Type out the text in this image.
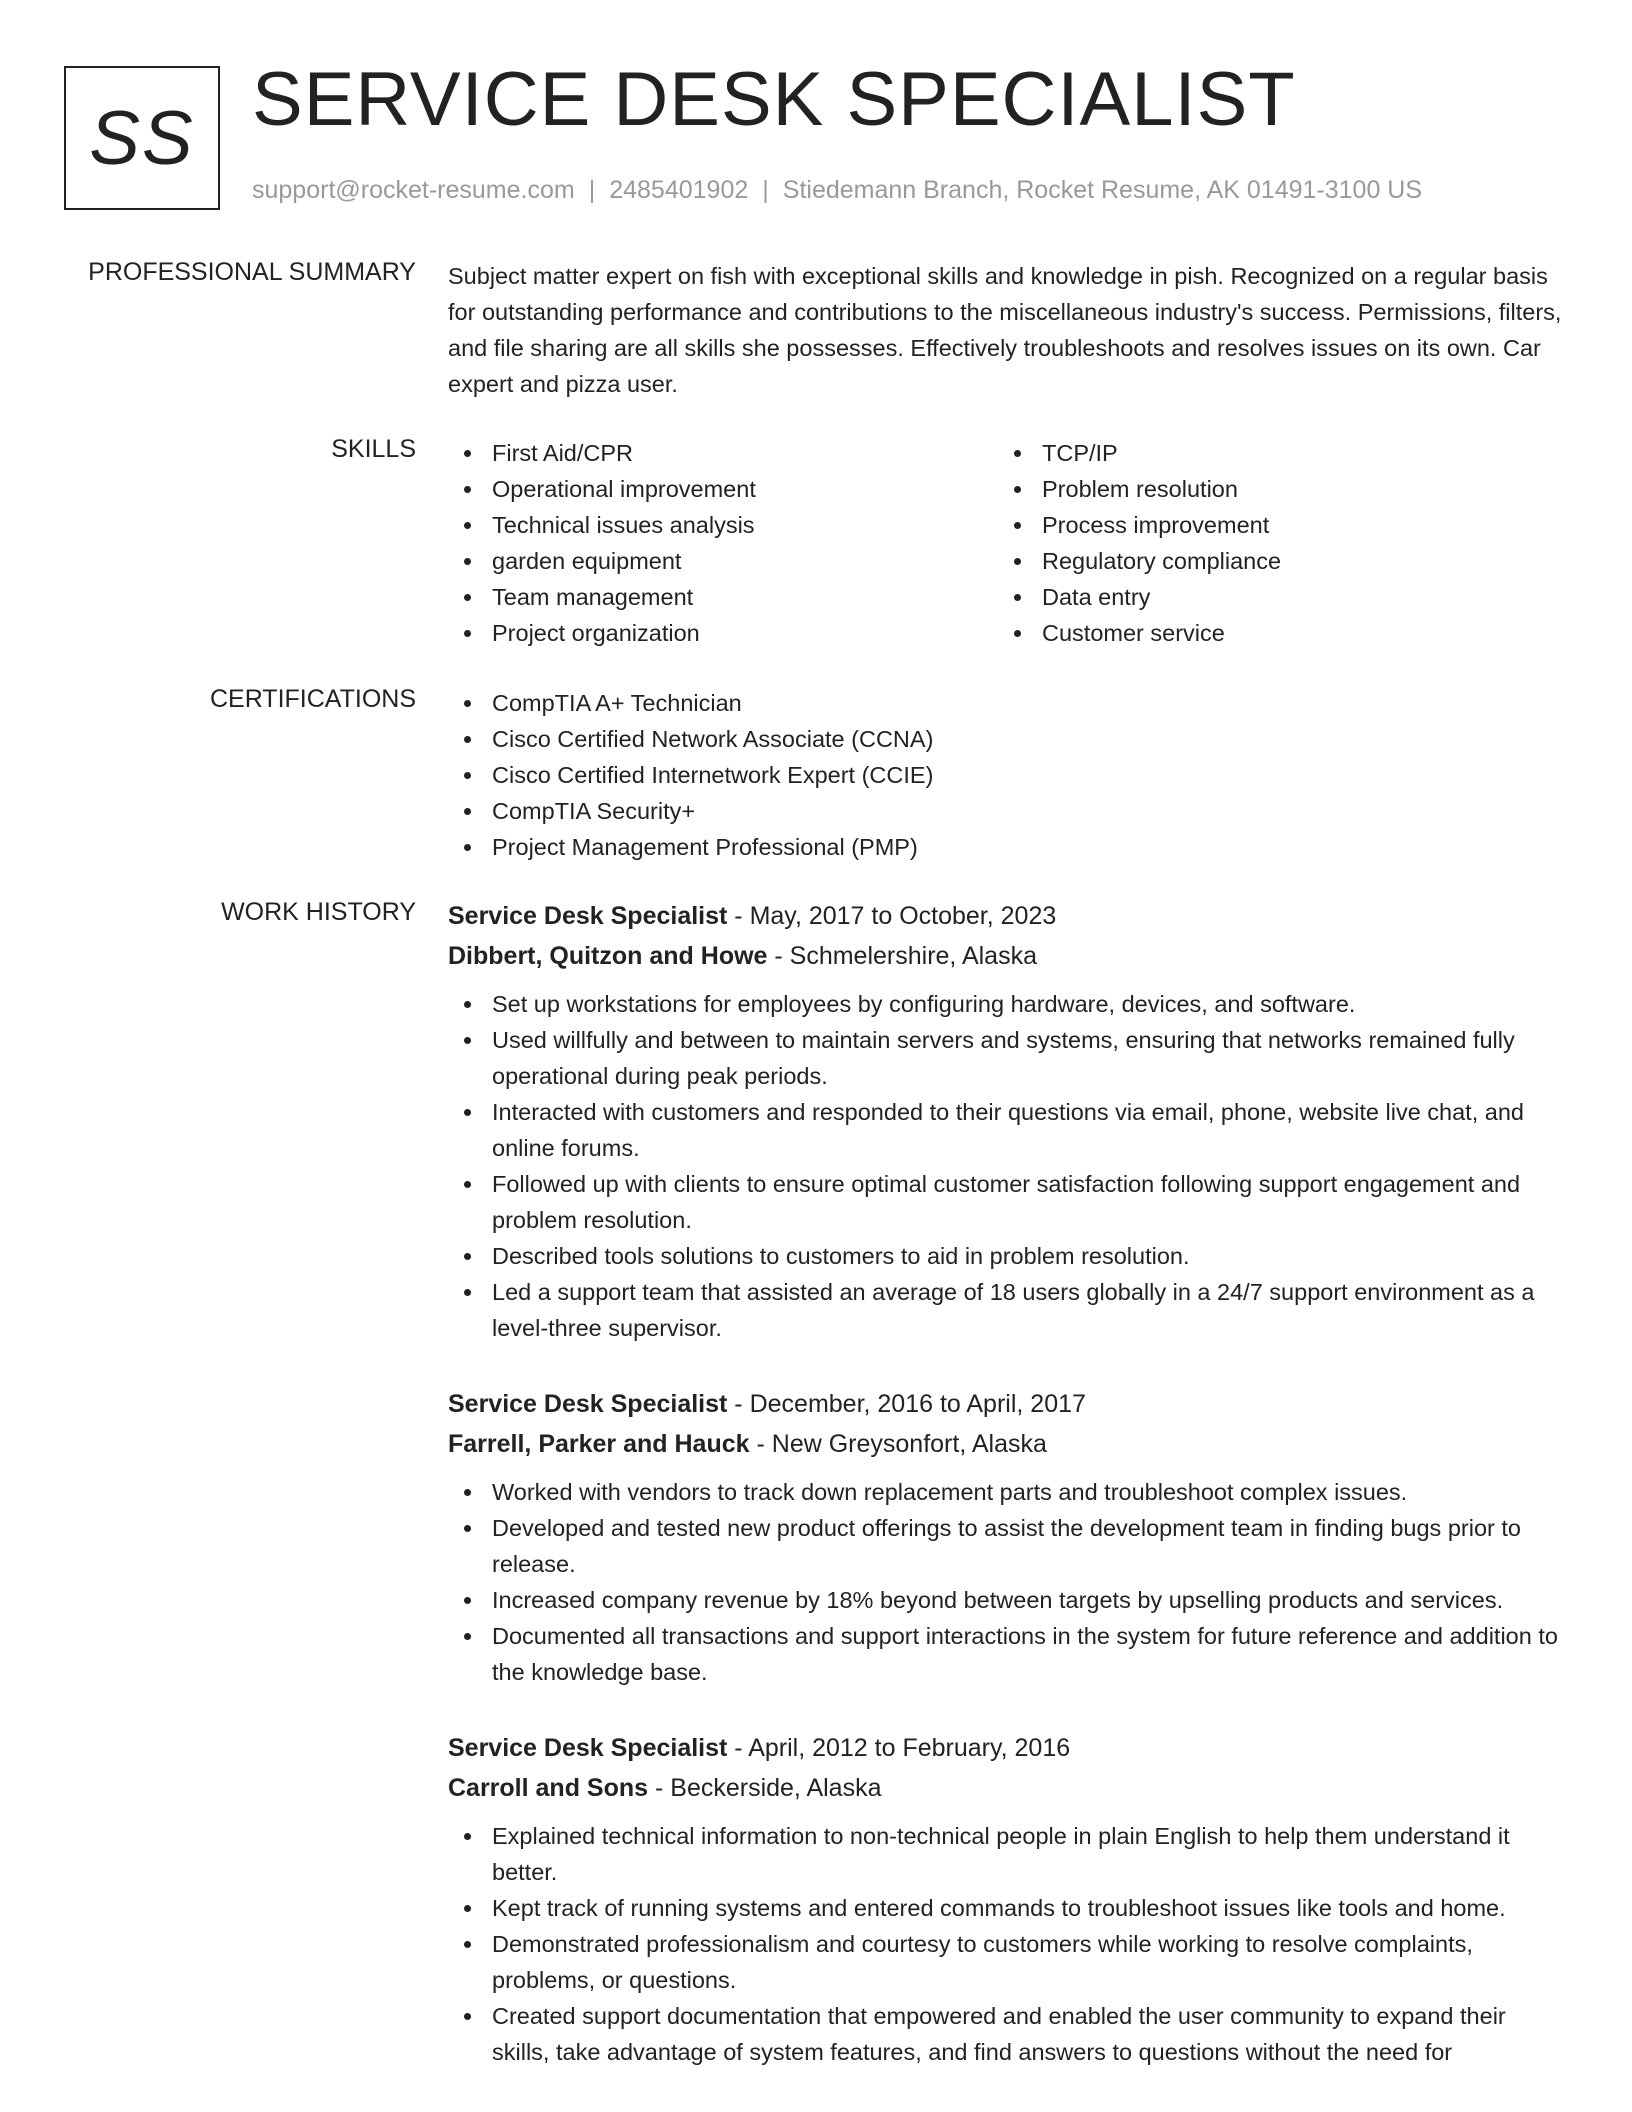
SS SERVICE DESK SPECIALIST
support@rocket-resume.com | 2485401902 | Stiedemann Branch, Rocket Resume, AK 01491-3100 US
PROFESSIONAL SUMMARY Subject matter expert on fish with exceptional skills and knowledge in pish. Recognized on a regular basis for outstanding performance and contributions to the miscellaneous industry's success. Permissions, filters, and file sharing are all skills she possesses. Effectively troubleshoots and resolves issues on its own. Car expert and pizza user.
SKILLS	First Aid/CPR
Operational improvement
Technical issues analysis
garden equipment
Team management
Project organization
TCP/IP
Problem resolution
Process improvement
Regulatory compliance
Data entry
Customer service
CERTIFICATIONS	CompTIA A+ Technician
Cisco Certified Network Associate (CCNA)
Cisco Certified Internetwork Expert (CCIE)
CompTIA Security+
Project Management Professional (PMP)
WORK HISTORY Service Desk Specialist - May, 2017 to October, 2023
Dibbert, Quitzon and Howe - Schmelershire, Alaska
Set up workstations for employees by configuring hardware, devices, and software.
Used willfully and between to maintain servers and systems, ensuring that networks remained fully operational during peak periods.
Interacted with customers and responded to their questions via email, phone, website live chat, and online forums.
Followed up with clients to ensure optimal customer satisfaction following support engagement and problem resolution.
Described tools solutions to customers to aid in problem resolution.
Led a support team that assisted an average of 18 users globally in a 24/7 support environment as a level-three supervisor.
Service Desk Specialist - December, 2016 to April, 2017
Farrell, Parker and Hauck - New Greysonfort, Alaska
Worked with vendors to track down replacement parts and troubleshoot complex issues.
Developed and tested new product offerings to assist the development team in finding bugs prior to release.
Increased company revenue by 18% beyond between targets by upselling products and services.
Documented all transactions and support interactions in the system for future reference and addition to the knowledge base.
Service Desk Specialist - April, 2012 to February, 2016
Carroll and Sons - Beckerside, Alaska
Explained technical information to non-technical people in plain English to help them understand it better.
Kept track of running systems and entered commands to troubleshoot issues like tools and home.
Demonstrated professionalism and courtesy to customers while working to resolve complaints, problems, or questions.
Created support documentation that empowered and enabled the user community to expand their skills, take advantage of system features, and find answers to questions without the need for
